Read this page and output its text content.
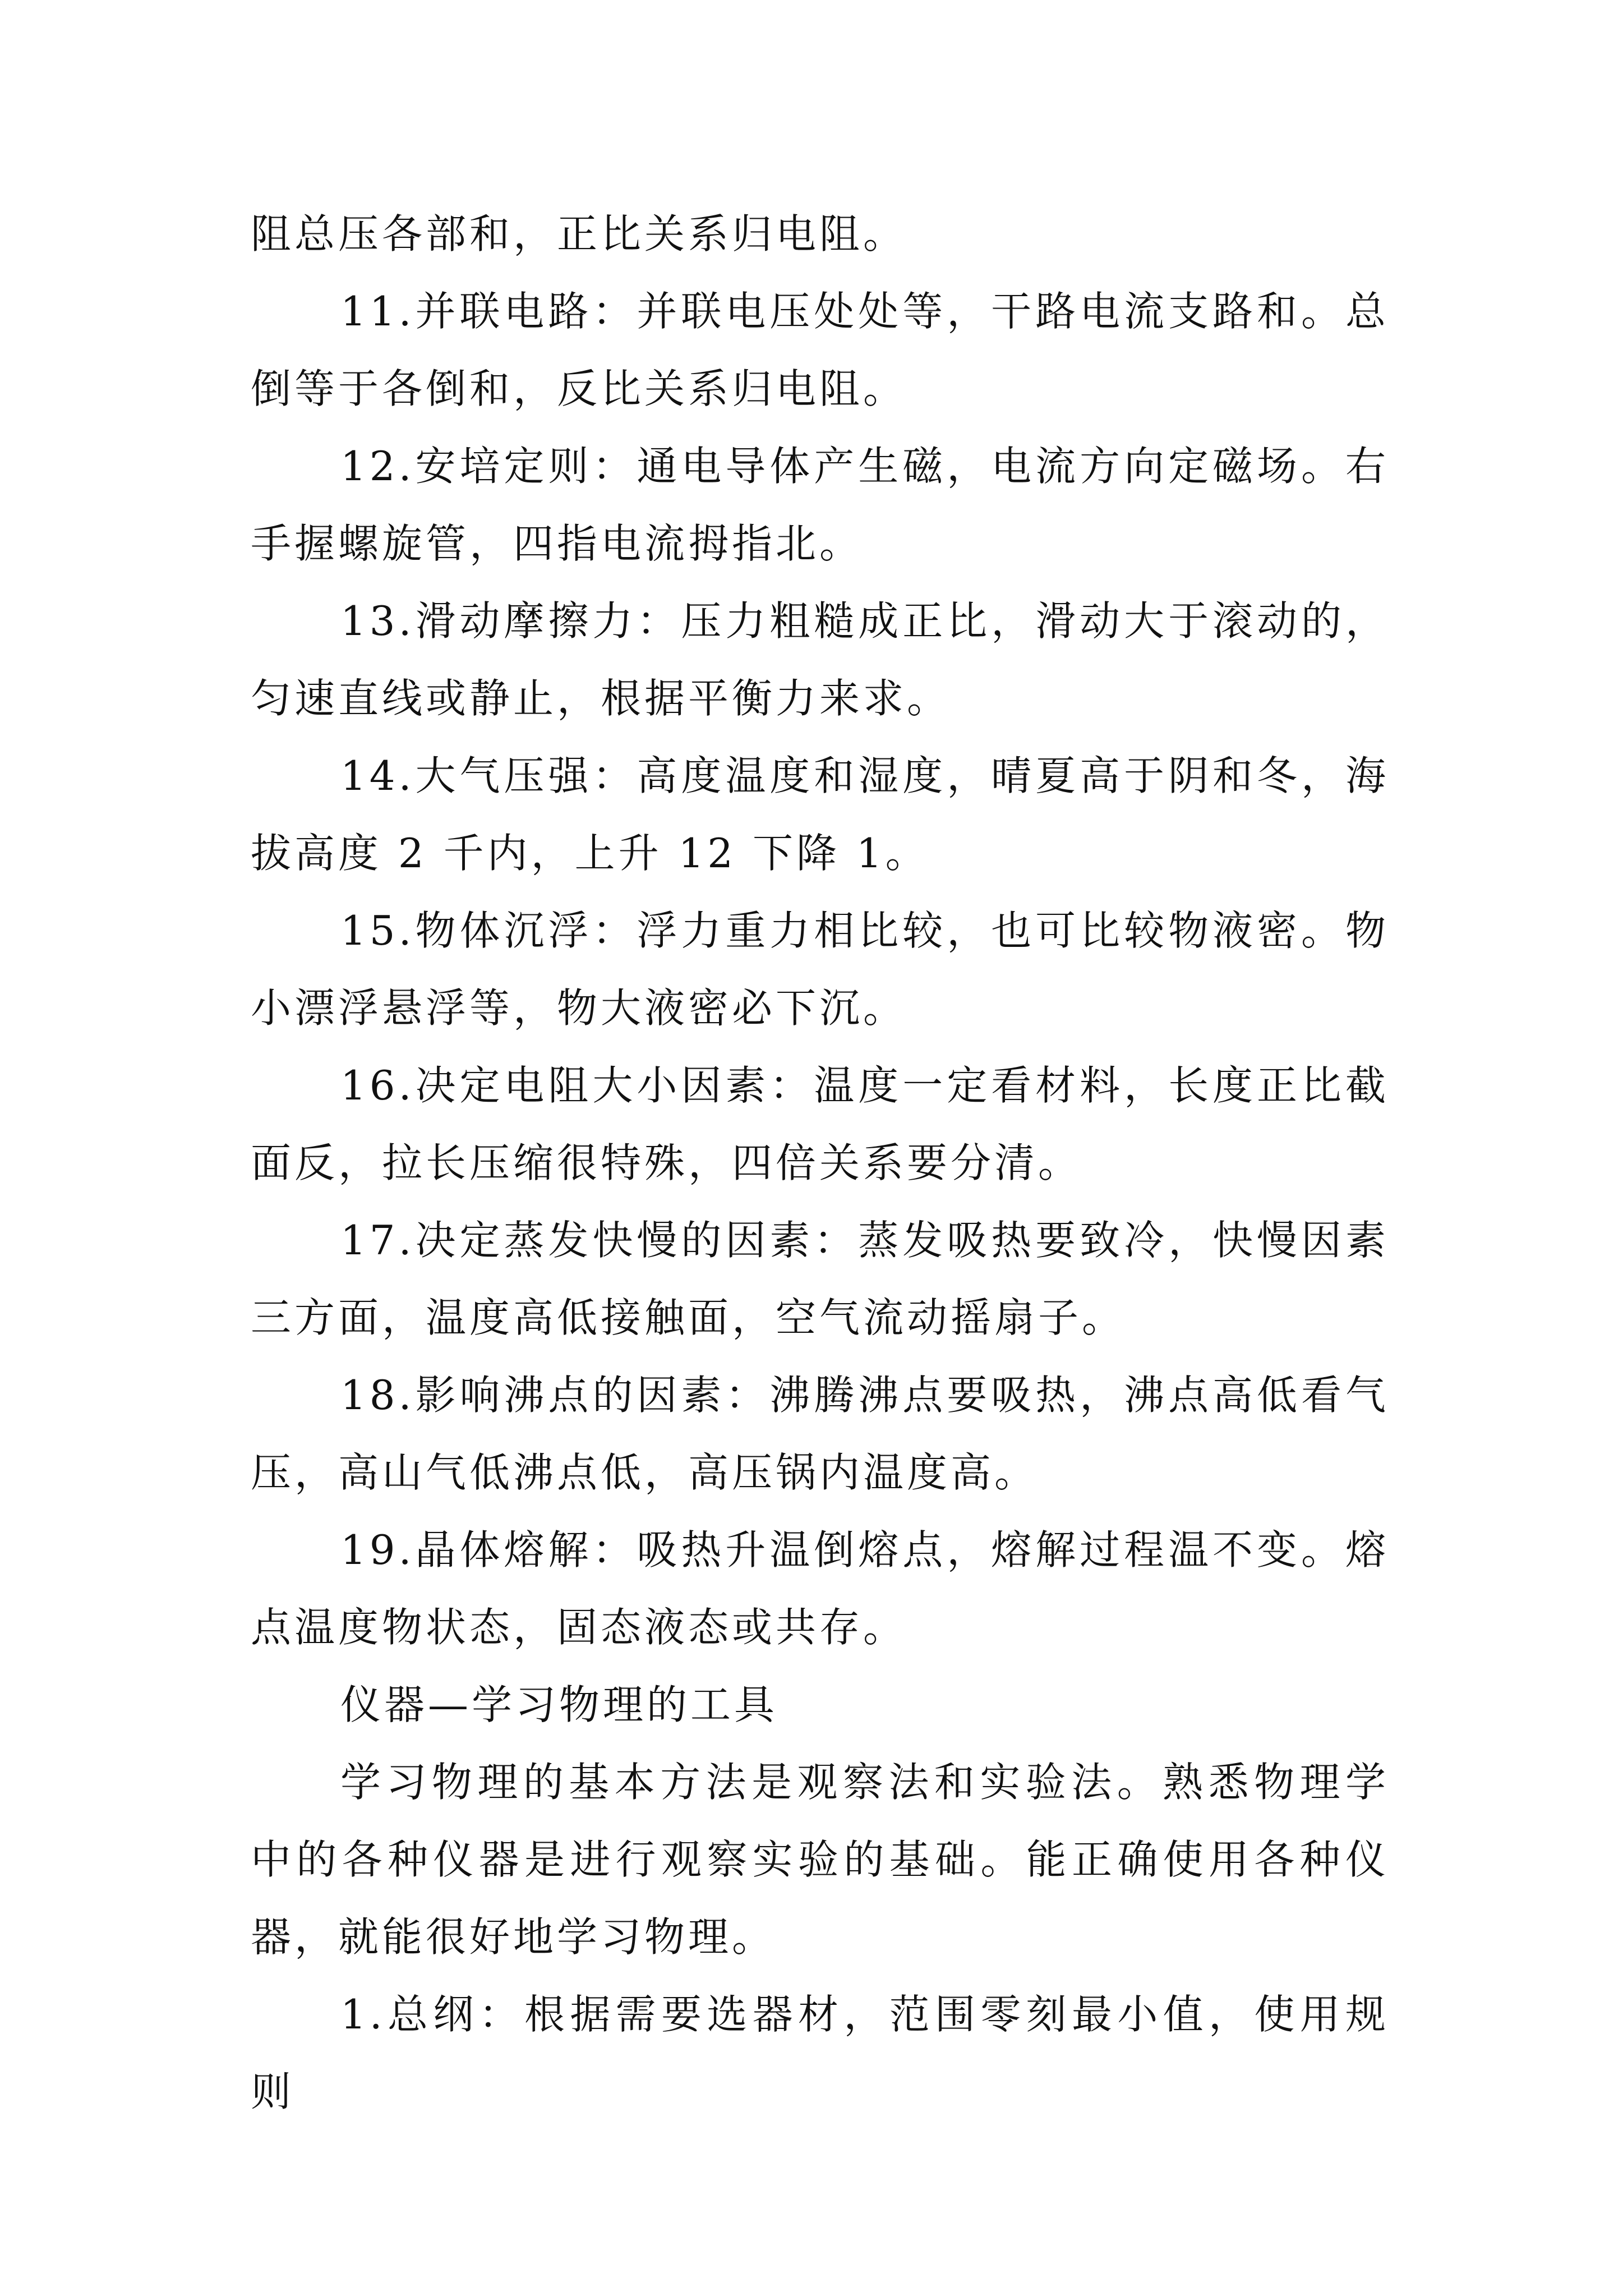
阻总压各部和，正比关系归电阻。

11.并联电路：并联电压处处等，干路电流支路和。总倒等于各倒和，反比关系归电阻。

12.安培定则：通电导体产生磁，电流方向定磁场。右手握螺旋管，四指电流拇指北。

13.滑动摩擦力：压力粗糙成正比，滑动大于滚动的，匀速直线或静止，根据平衡力来求。

14.大气压强：高度温度和湿度，晴夏高于阴和冬，海拔高度 2 千内，上升 12 下降 1。

15.物体沉浮：浮力重力相比较，也可比较物液密。物小漂浮悬浮等，物大液密必下沉。

16.决定电阻大小因素：温度一定看材料，长度正比截面反，拉长压缩很特殊，四倍关系要分清。

17.决定蒸发快慢的因素：蒸发吸热要致冷，快慢因素三方面，温度高低接触面，空气流动摇扇子。

18.影响沸点的因素：沸腾沸点要吸热，沸点高低看气压，高山气低沸点低，高压锅内温度高。

19.晶体熔解：吸热升温倒熔点，熔解过程温不变。熔点温度物状态，固态液态或共存。

仪器—学习物理的工具

学习物理的基本方法是观察法和实验法。熟悉物理学中的各种仪器是进行观察实验的基础。能正确使用各种仪器，就能很好地学习物理。

1.总纲：根据需要选器材，范围零刻最小值，使用规则
